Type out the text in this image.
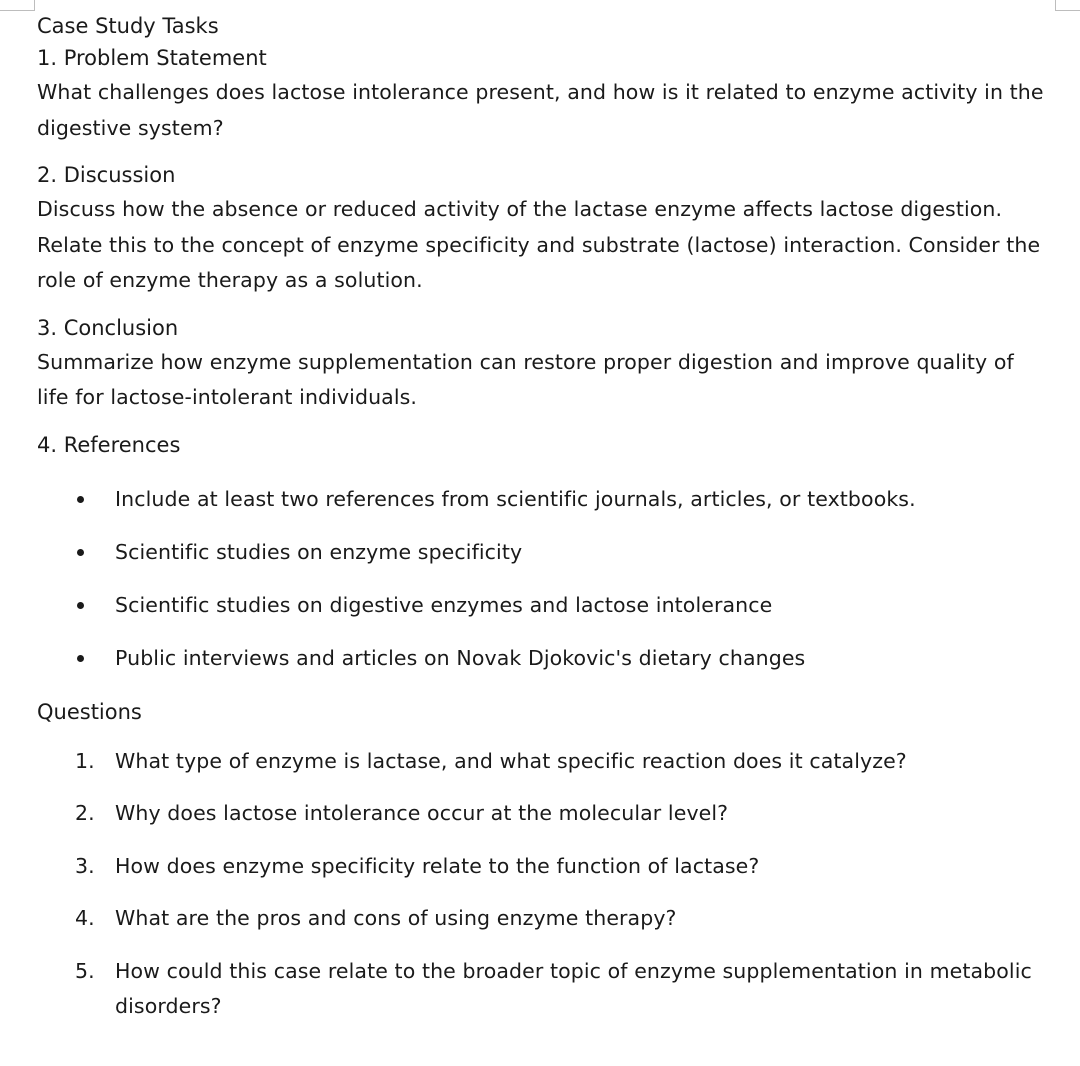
Case Study Tasks
1. Problem Statement

What challenges does lactose intolerance present, and how is it related to enzyme activity in the digestive system?

2. Discussion

Discuss how the absence or reduced activity of the lactase enzyme affects lactose digestion. Relate this to the concept of enzyme specificity and substrate (lactose) interaction. Consider the role of enzyme therapy as a solution.

3. Conclusion

Summarize how enzyme supplementation can restore proper digestion and improve quality of life for lactose-intolerant individuals.

4. References
Include at least two references from scientific journals, articles, or textbooks.
Scientific studies on enzyme specificity
Scientific studies on digestive enzymes and lactose intolerance
Public interviews and articles on Novak Djokovic's dietary changes
Questions
1. What type of enzyme is lactase, and what specific reaction does it catalyze?
2. Why does lactose intolerance occur at the molecular level?
3. How does enzyme specificity relate to the function of lactase?
4. What are the pros and cons of using enzyme therapy?
5. How could this case relate to the broader topic of enzyme supplementation in metabolic disorders?
